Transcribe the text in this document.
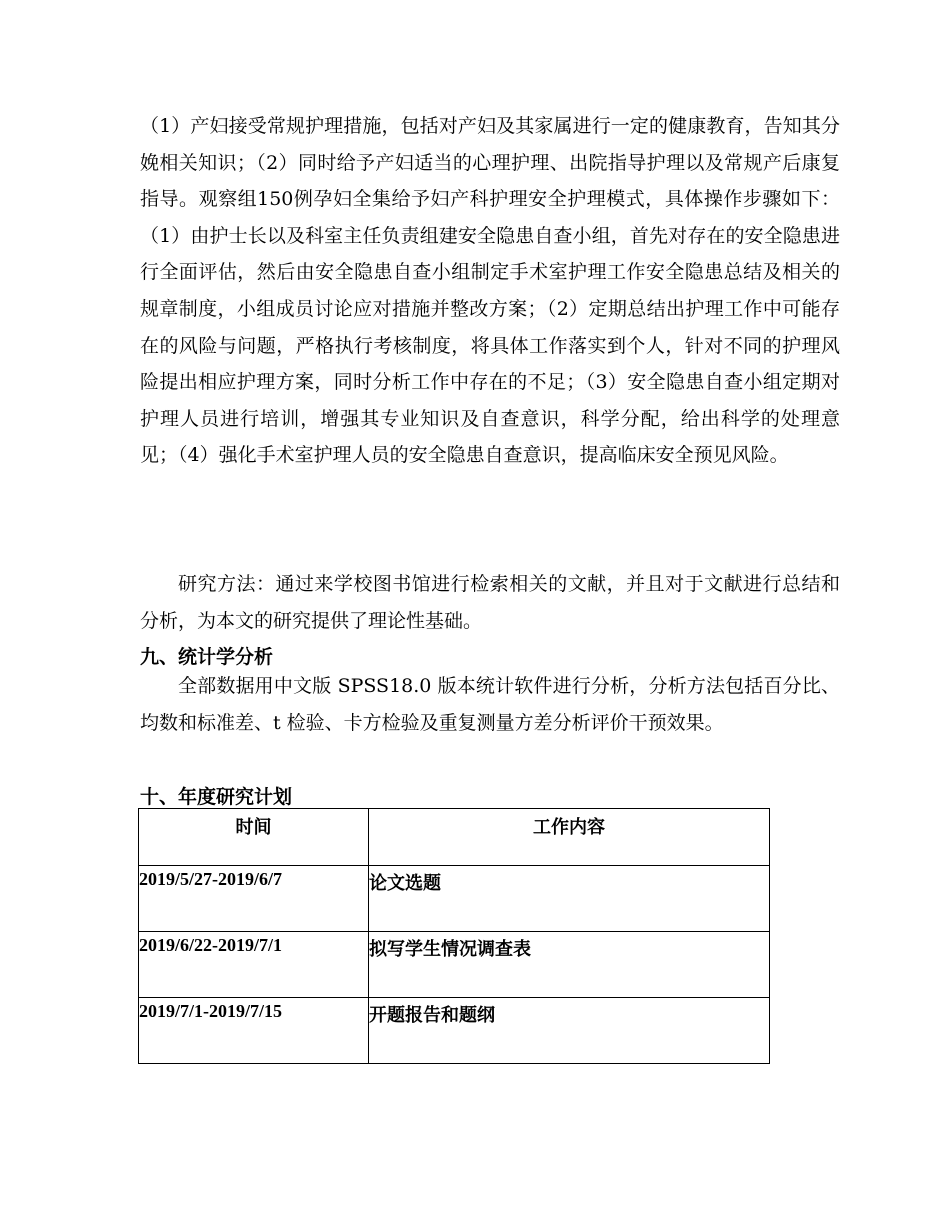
（1）产妇接受常规护理措施，包括对产妇及其家属进行一定的健康教育，告知其分娩相关知识；（2）同时给予产妇适当的心理护理、出院指导护理以及常规产后康复指导。观察组150例孕妇全集给予妇产科护理安全护理模式，具体操作步骤如下：（1）由护士长以及科室主任负责组建安全隐患自查小组，首先对存在的安全隐患进行全面评估，然后由安全隐患自查小组制定手术室护理工作安全隐患总结及相关的规章制度，小组成员讨论应对措施并整改方案；（2）定期总结出护理工作中可能存在的风险与问题，严格执行考核制度，将具体工作落实到个人，针对不同的护理风险提出相应护理方案，同时分析工作中存在的不足；（3）安全隐患自查小组定期对护理人员进行培训，增强其专业知识及自查意识，科学分配，给出科学的处理意见；（4）强化手术室护理人员的安全隐患自查意识，提高临床安全预见风险。
研究方法：通过来学校图书馆进行检索相关的文献，并且对于文献进行总结和分析，为本文的研究提供了理论性基础。
九、统计学分析
全部数据用中文版 SPSS18.0 版本统计软件进行分析，分析方法包括百分比、均数和标准差、t 检验、卡方检验及重复测量方差分析评价干预效果。
十、年度研究计划
时间	工作内容
2019/5/27-2019/6/7	论文选题
2019/6/22-2019/7/1	拟写学生情况调查表
2019/7/1-2019/7/15	开题报告和题纲
